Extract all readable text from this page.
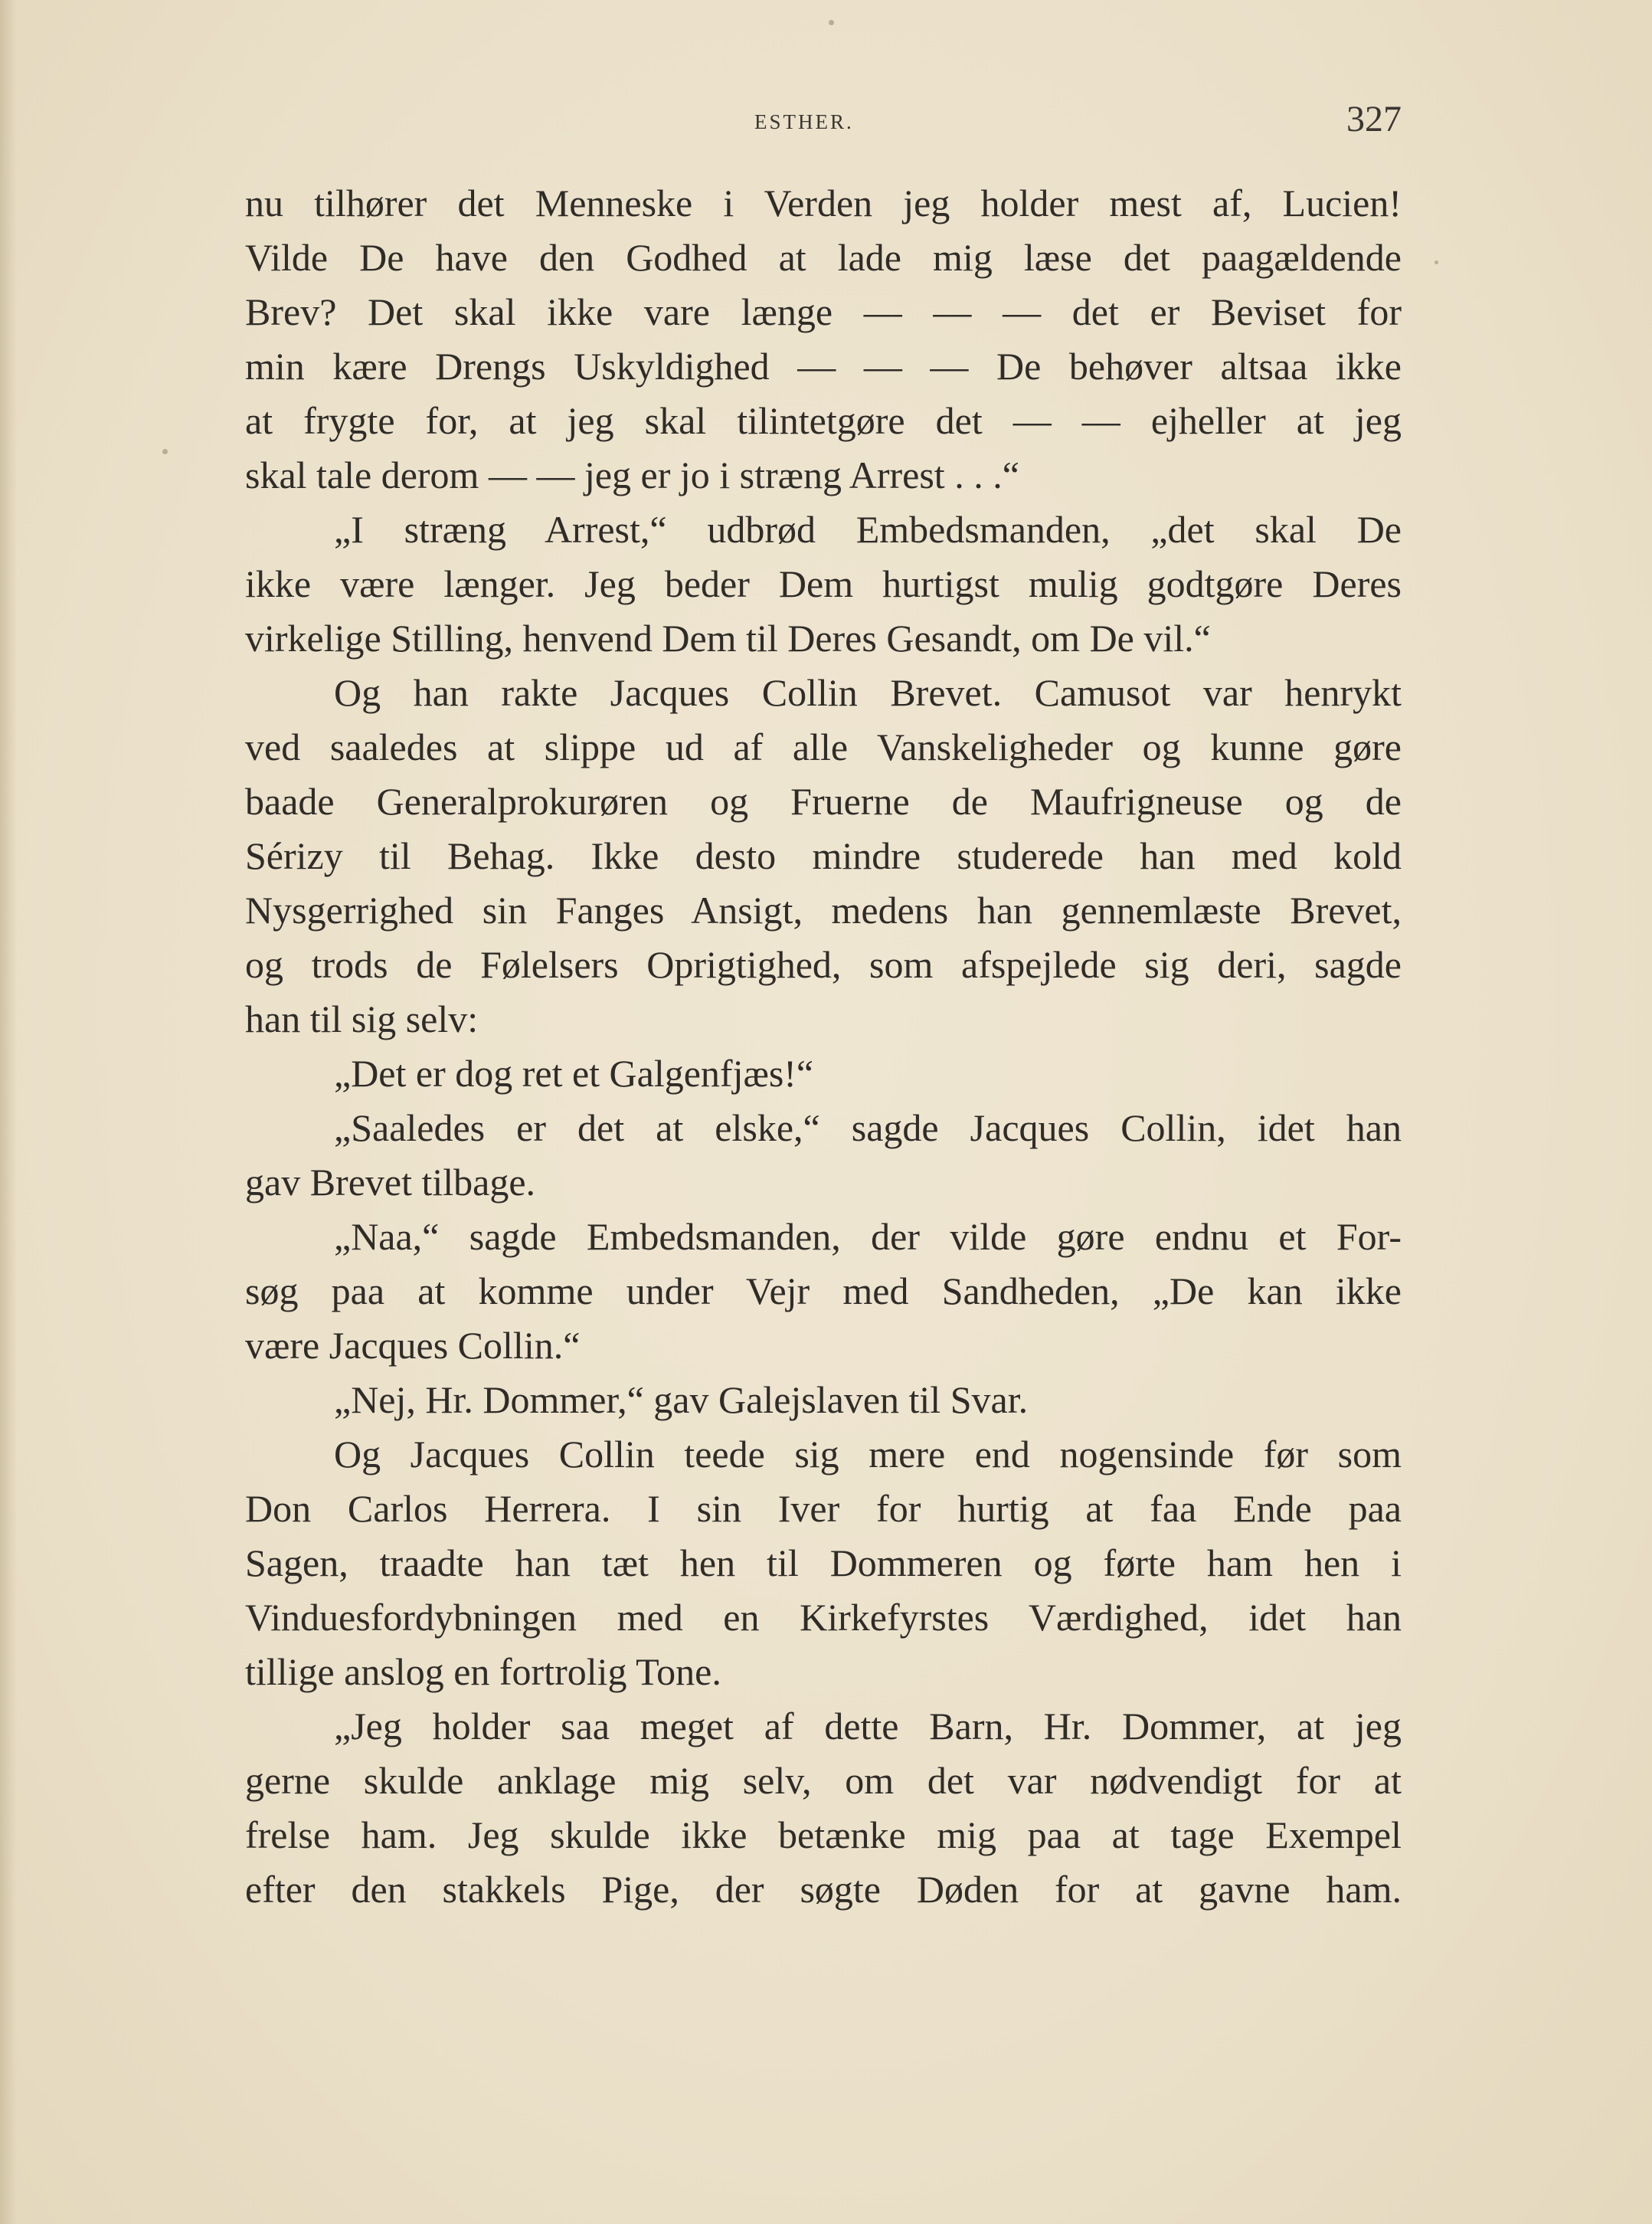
ESTHER.	327
nu tilhører det Menneske i Verden jeg holder mest af, Lucien!
Vilde De have den Godhed at lade mig læse det paagældende
Brev? Det skal ikke vare længe — — — det er Beviset for
min kære Drengs Uskyldighed — — — De behøver altsaa ikke
at frygte for, at jeg skal tilintetgøre det — — ejheller at jeg
skal tale derom — — jeg er jo i stræng Arrest . . .“
„I stræng Arrest,“ udbrød Embedsmanden, „det skal De
ikke være længer. Jeg beder Dem hurtigst mulig godtgøre Deres
virkelige Stilling, henvend Dem til Deres Gesandt, om De vil.“
Og han rakte Jacques Collin Brevet. Camusot var henrykt
ved saaledes at slippe ud af alle Vanskeligheder og kunne gøre
baade Generalprokurøren og Fruerne de Maufrigneuse og de
Sérizy til Behag. Ikke desto mindre studerede han med kold
Nysgerrighed sin Fanges Ansigt, medens han gennemlæste Brevet,
og trods de Følelsers Oprigtighed, som afspejlede sig deri, sagde
han til sig selv:
„Det er dog ret et Galgenfjæs!“
„Saaledes er det at elske,“ sagde Jacques Collin, idet han
gav Brevet tilbage.
„Naa,“ sagde Embedsmanden, der vilde gøre endnu et For-
søg paa at komme under Vejr med Sandheden, „De kan ikke
være Jacques Collin.“
„Nej, Hr. Dommer,“ gav Galejslaven til Svar.
Og Jacques Collin teede sig mere end nogensinde før som
Don Carlos Herrera. I sin Iver for hurtig at faa Ende paa
Sagen, traadte han tæt hen til Dommeren og førte ham hen i
Vinduesfordybningen med en Kirkefyrstes Værdighed, idet han
tillige anslog en fortrolig Tone.
„Jeg holder saa meget af dette Barn, Hr. Dommer, at jeg
gerne skulde anklage mig selv, om det var nødvendigt for at
frelse ham. Jeg skulde ikke betænke mig paa at tage Exempel
efter den stakkels Pige, der søgte Døden for at gavne ham.
